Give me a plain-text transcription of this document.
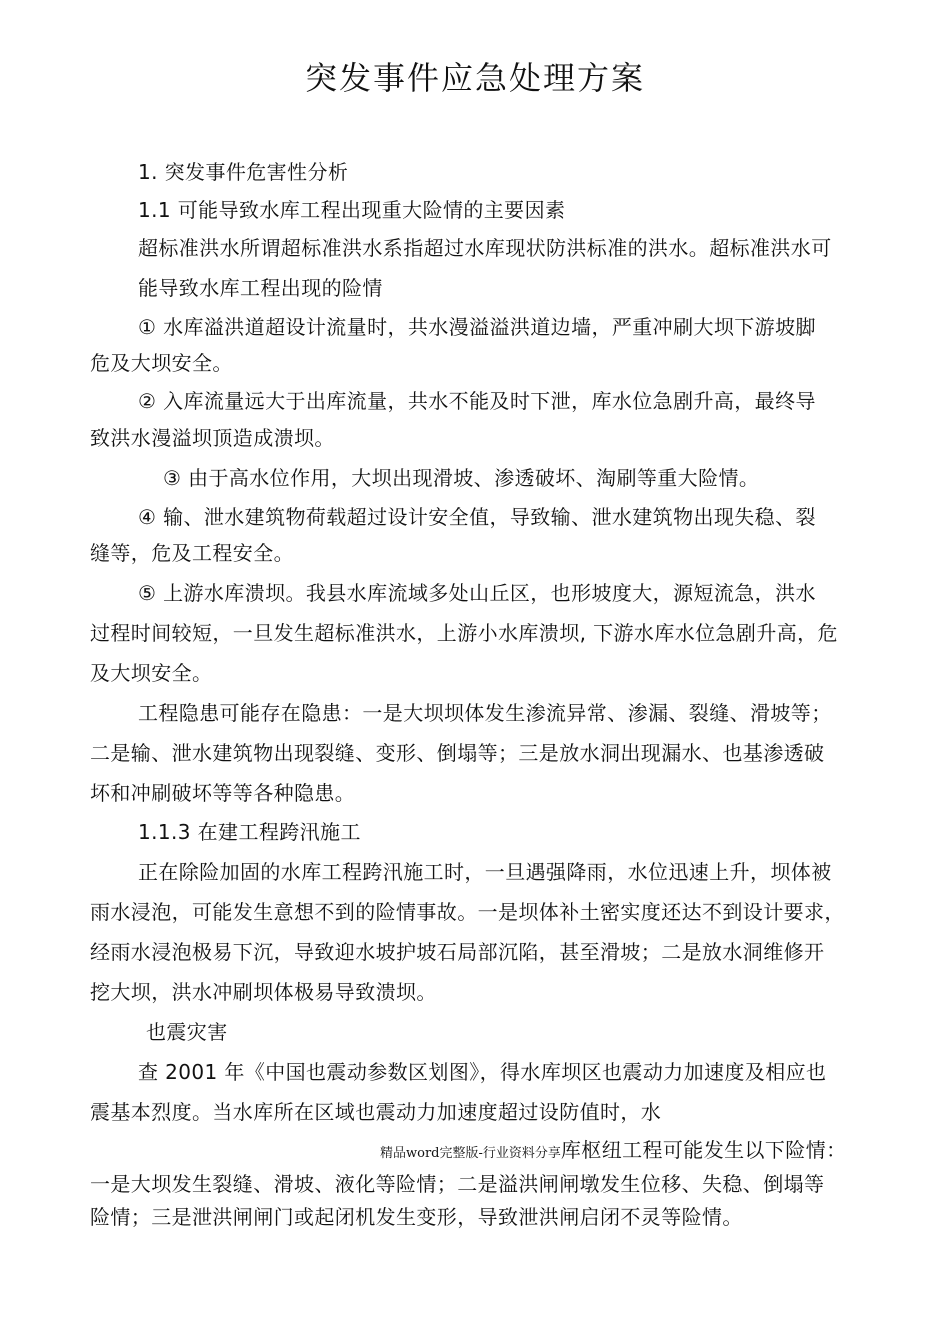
突发事件应急处理方案
1. 突发事件危害性分析
1.1 可能导致水库工程出现重大险情的主要因素
超标准洪水所谓超标准洪水系指超过水库现状防洪标准的洪水。超标准洪水可
能导致水库工程出现的险情
① 水库溢洪道超设计流量时，共水漫溢溢洪道边墙，严重冲刷大坝下游坡脚
危及大坝安全。
② 入库流量远大于出库流量，共水不能及时下泄，库水位急剧升高，最终导
致洪水漫溢坝顶造成溃坝。
③ 由于高水位作用，大坝出现滑坡、渗透破坏、淘刷等重大险情。
④ 输、泄水建筑物荷载超过设计安全值，导致输、泄水建筑物出现失稳、裂
缝等，危及工程安全。
⑤ 上游水库溃坝。我县水库流域多处山丘区，也形坡度大，源短流急，洪水
过程时间较短，一旦发生超标准洪水，上游小水库溃坝, 下游水库水位急剧升高，危
及大坝安全。
工程隐患可能存在隐患：一是大坝坝体发生渗流异常、渗漏、裂缝、滑坡等；
二是输、泄水建筑物出现裂缝、变形、倒塌等；三是放水洞出现漏水、也基渗透破
坏和冲刷破坏等等各种隐患。
1.1.3 在建工程跨汛施工
正在除险加固的水库工程跨汛施工时，一旦遇强降雨，水位迅速上升，坝体被
雨水浸泡，可能发生意想不到的险情事故。一是坝体补土密实度还达不到设计要求，
经雨水浸泡极易下沉，导致迎水坡护坡石局部沉陷，甚至滑坡；二是放水洞维修开
挖大坝，洪水冲刷坝体极易导致溃坝。
也震灾害
查 2001 年《中国也震动参数区划图》，得水库坝区也震动力加速度及相应也
震基本烈度。当水库所在区域也震动力加速度超过设防值时，水
精品word完整版-行业资料分享库枢纽工程可能发生以下险情：
一是大坝发生裂缝、滑坡、液化等险情；二是溢洪闸闸墩发生位移、失稳、倒塌等
险情；三是泄洪闸闸门或起闭机发生变形，导致泄洪闸启闭不灵等险情。
